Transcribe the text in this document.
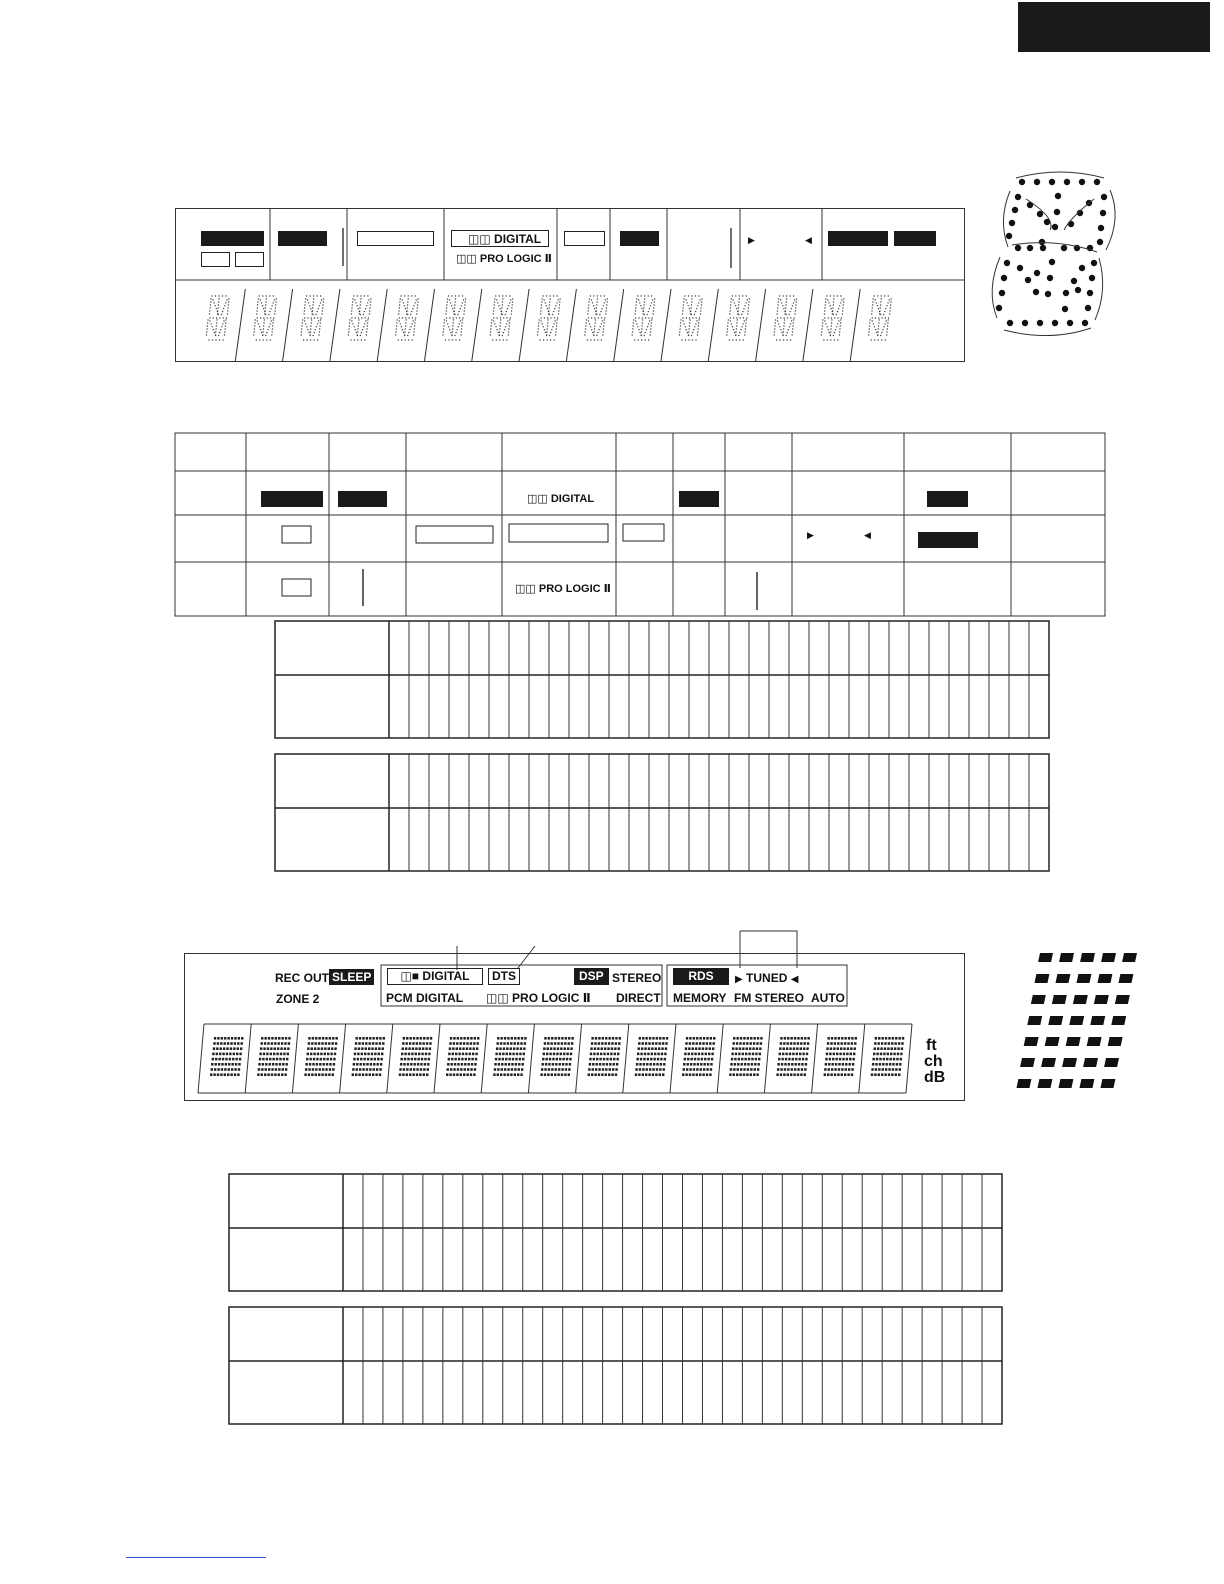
◫◫ DIGITAL
◫◫ PRO LOGIC Ⅱ
▶	◀
◫◫ DIGITAL
◫◫ PRO LOGIC Ⅱ
▶	◀
REC OUT SLEEP
ZONE 2
◫■ DIGITAL	DTS	DSP STEREO
PCM DIGITAL ◫◫ PRO LOGIC Ⅱ DIRECT
RDS	▶ TUNED ◀
MEMORY FM STEREO AUTO
ft
ch
dB
